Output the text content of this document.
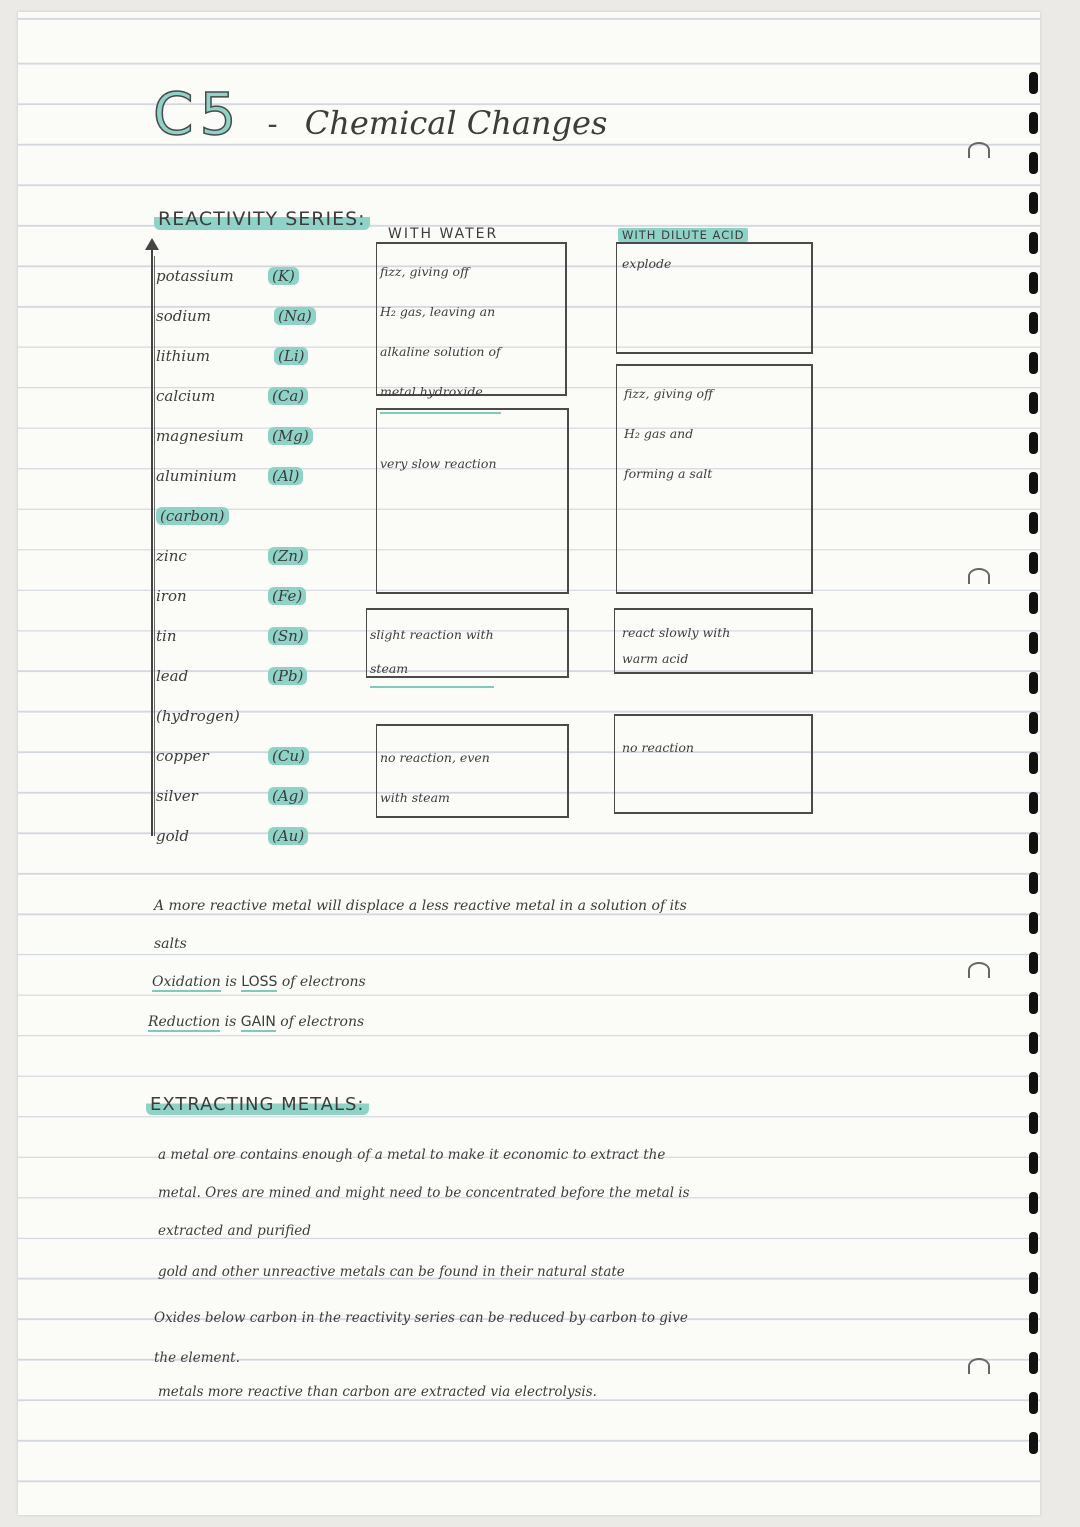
C5 - Chemical Changes
REACTIVITY SERIES:
potassium	(K)
sodium	(Na)
lithium	(Li)
calcium	(Ca)
magnesium (Mg)
aluminium (Al)
(carbon)
zinc	(Zn)
iron	(Fe)
tin	(Sn)
lead	(Pb)
(hydrogen)
copper	(Cu)
silver	(Ag)
gold	(Au)
WITH WATER
fizz, giving off
H₂ gas, leaving an
alkaline solution of
metal hydroxide
very slow reaction
slight reaction with
steam
no reaction, even
with steam
WITH DILUTE ACID
explode
fizz, giving off
H₂ gas and
forming a salt
react slowly with
warm acid
no reaction
A more reactive metal will displace a less reactive metal in a solution of its
salts
Oxidation is LOSS of electrons
Reduction is GAIN of electrons
EXTRACTING METALS:
a metal ore contains enough of a metal to make it economic to extract the
metal. Ores are mined and might need to be concentrated before the metal is
extracted and purified
gold and other unreactive metals can be found in their natural state
Oxides below carbon in the reactivity series can be reduced by carbon to give
the element.
metals more reactive than carbon are extracted via electrolysis.
